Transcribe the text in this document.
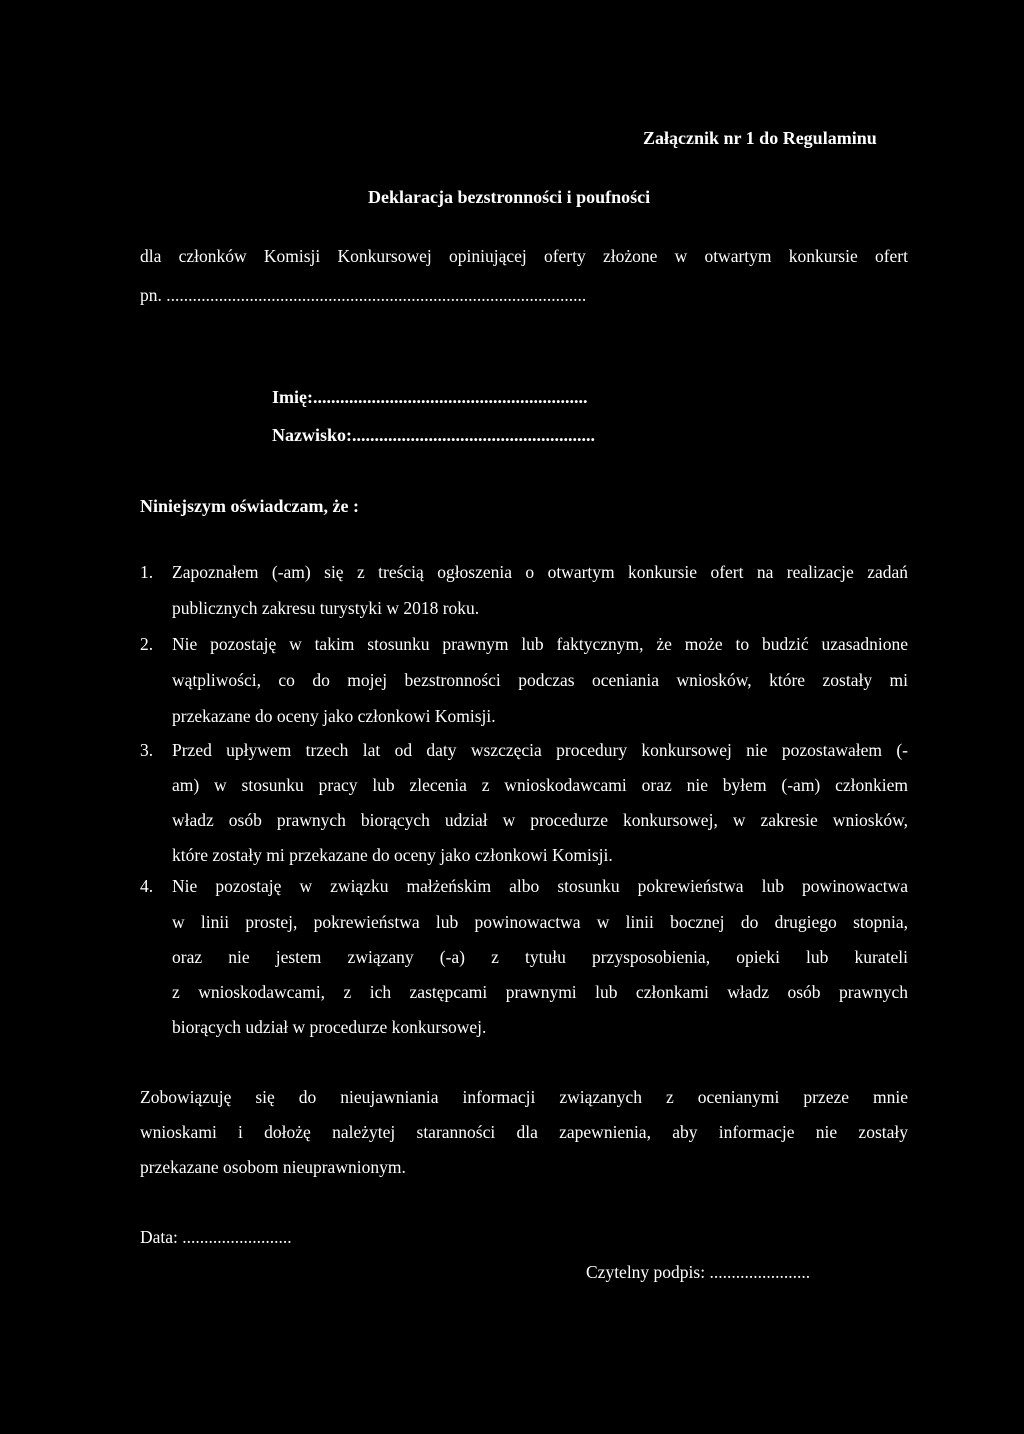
Załącznik nr 1 do Regulaminu
Deklaracja bezstronności i poufności
dla członków Komisji Konkursowej opiniującej oferty złożone w otwartym konkursie ofert
pn. ................................................................................................
Imię:.............................................................
Nazwisko:......................................................
Niniejszym oświadczam, że :
1. Zapoznałem (-am) się z treścią ogłoszenia o otwartym konkursie ofert na realizacje zadań
publicznych zakresu turystyki w 2018 roku.
2. Nie pozostaję w takim stosunku prawnym lub faktycznym, że może to budzić uzasadnione
wątpliwości, co do mojej bezstronności podczas oceniania wniosków, które zostały mi
przekazane do oceny jako członkowi Komisji.
3. Przed upływem trzech lat od daty wszczęcia procedury konkursowej nie pozostawałem (-
am) w stosunku pracy lub zlecenia z wnioskodawcami oraz nie byłem (-am) członkiem
władz osób prawnych biorących udział w procedurze konkursowej, w zakresie wniosków,
które zostały mi przekazane do oceny jako członkowi Komisji.
4. Nie pozostaję w związku małżeńskim albo stosunku pokrewieństwa lub powinowactwa
w linii prostej, pokrewieństwa lub powinowactwa w linii bocznej do drugiego stopnia,
oraz nie jestem związany (-a) z tytułu przysposobienia, opieki lub kurateli
z wnioskodawcami, z ich zastępcami prawnymi lub członkami władz osób prawnych
biorących udział w procedurze konkursowej.
Zobowiązuję się do nieujawniania informacji związanych z ocenianymi przeze mnie
wnioskami i dołożę należytej staranności dla zapewnienia, aby informacje nie zostały
przekazane osobom nieuprawnionym.
Data: .........................
Czytelny podpis: .......................
